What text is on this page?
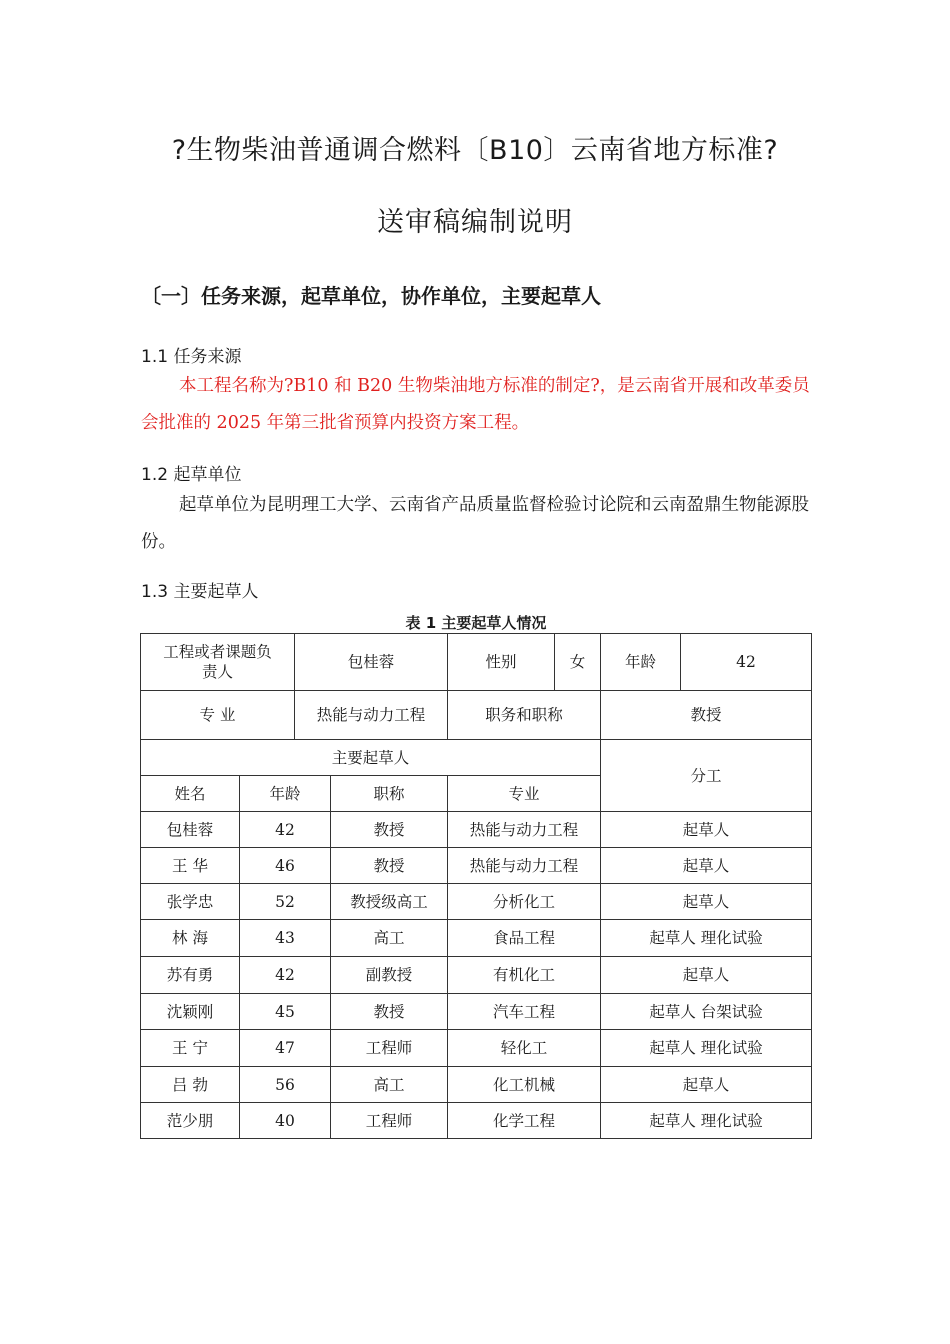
?生物柴油普通调合燃料〔B10〕云南省地方标准?
送审稿编制说明
〔一〕任务来源，起草单位，协作单位，主要起草人
1.1 任务来源
本工程名称为?B10 和 B20 生物柴油地方标准的制定?，是云南省开展和改革委员会批准的 2025 年第三批省预算内投资方案工程。
1.2 起草单位
起草单位为昆明理工大学、云南省产品质量监督检验讨论院和云南盈鼎生物能源股份。
1.3 主要起草人
表 1 主要起草人情况
工程或者课题负责人		包桂蓉		性别	女	年龄	42
专 业		热能与动力工程		职务和职称		教授	
主要起草人						分工	
姓名	年龄		职称	专业			
包桂蓉	42		教授	热能与动力工程		起草人	
王 华	46		教授	热能与动力工程		起草人	
张学忠	52		教授级高工	分析化工		起草人	
林 海	43		高工	食品工程		起草人 理化试验	
苏有勇	42		副教授	有机化工		起草人	
沈颖刚	45		教授	汽车工程		起草人 台架试验	
王 宁	47		工程师	轻化工		起草人 理化试验	
吕 勃	56		高工	化工机械		起草人	
范少朋	40		工程师	化学工程		起草人 理化试验	
